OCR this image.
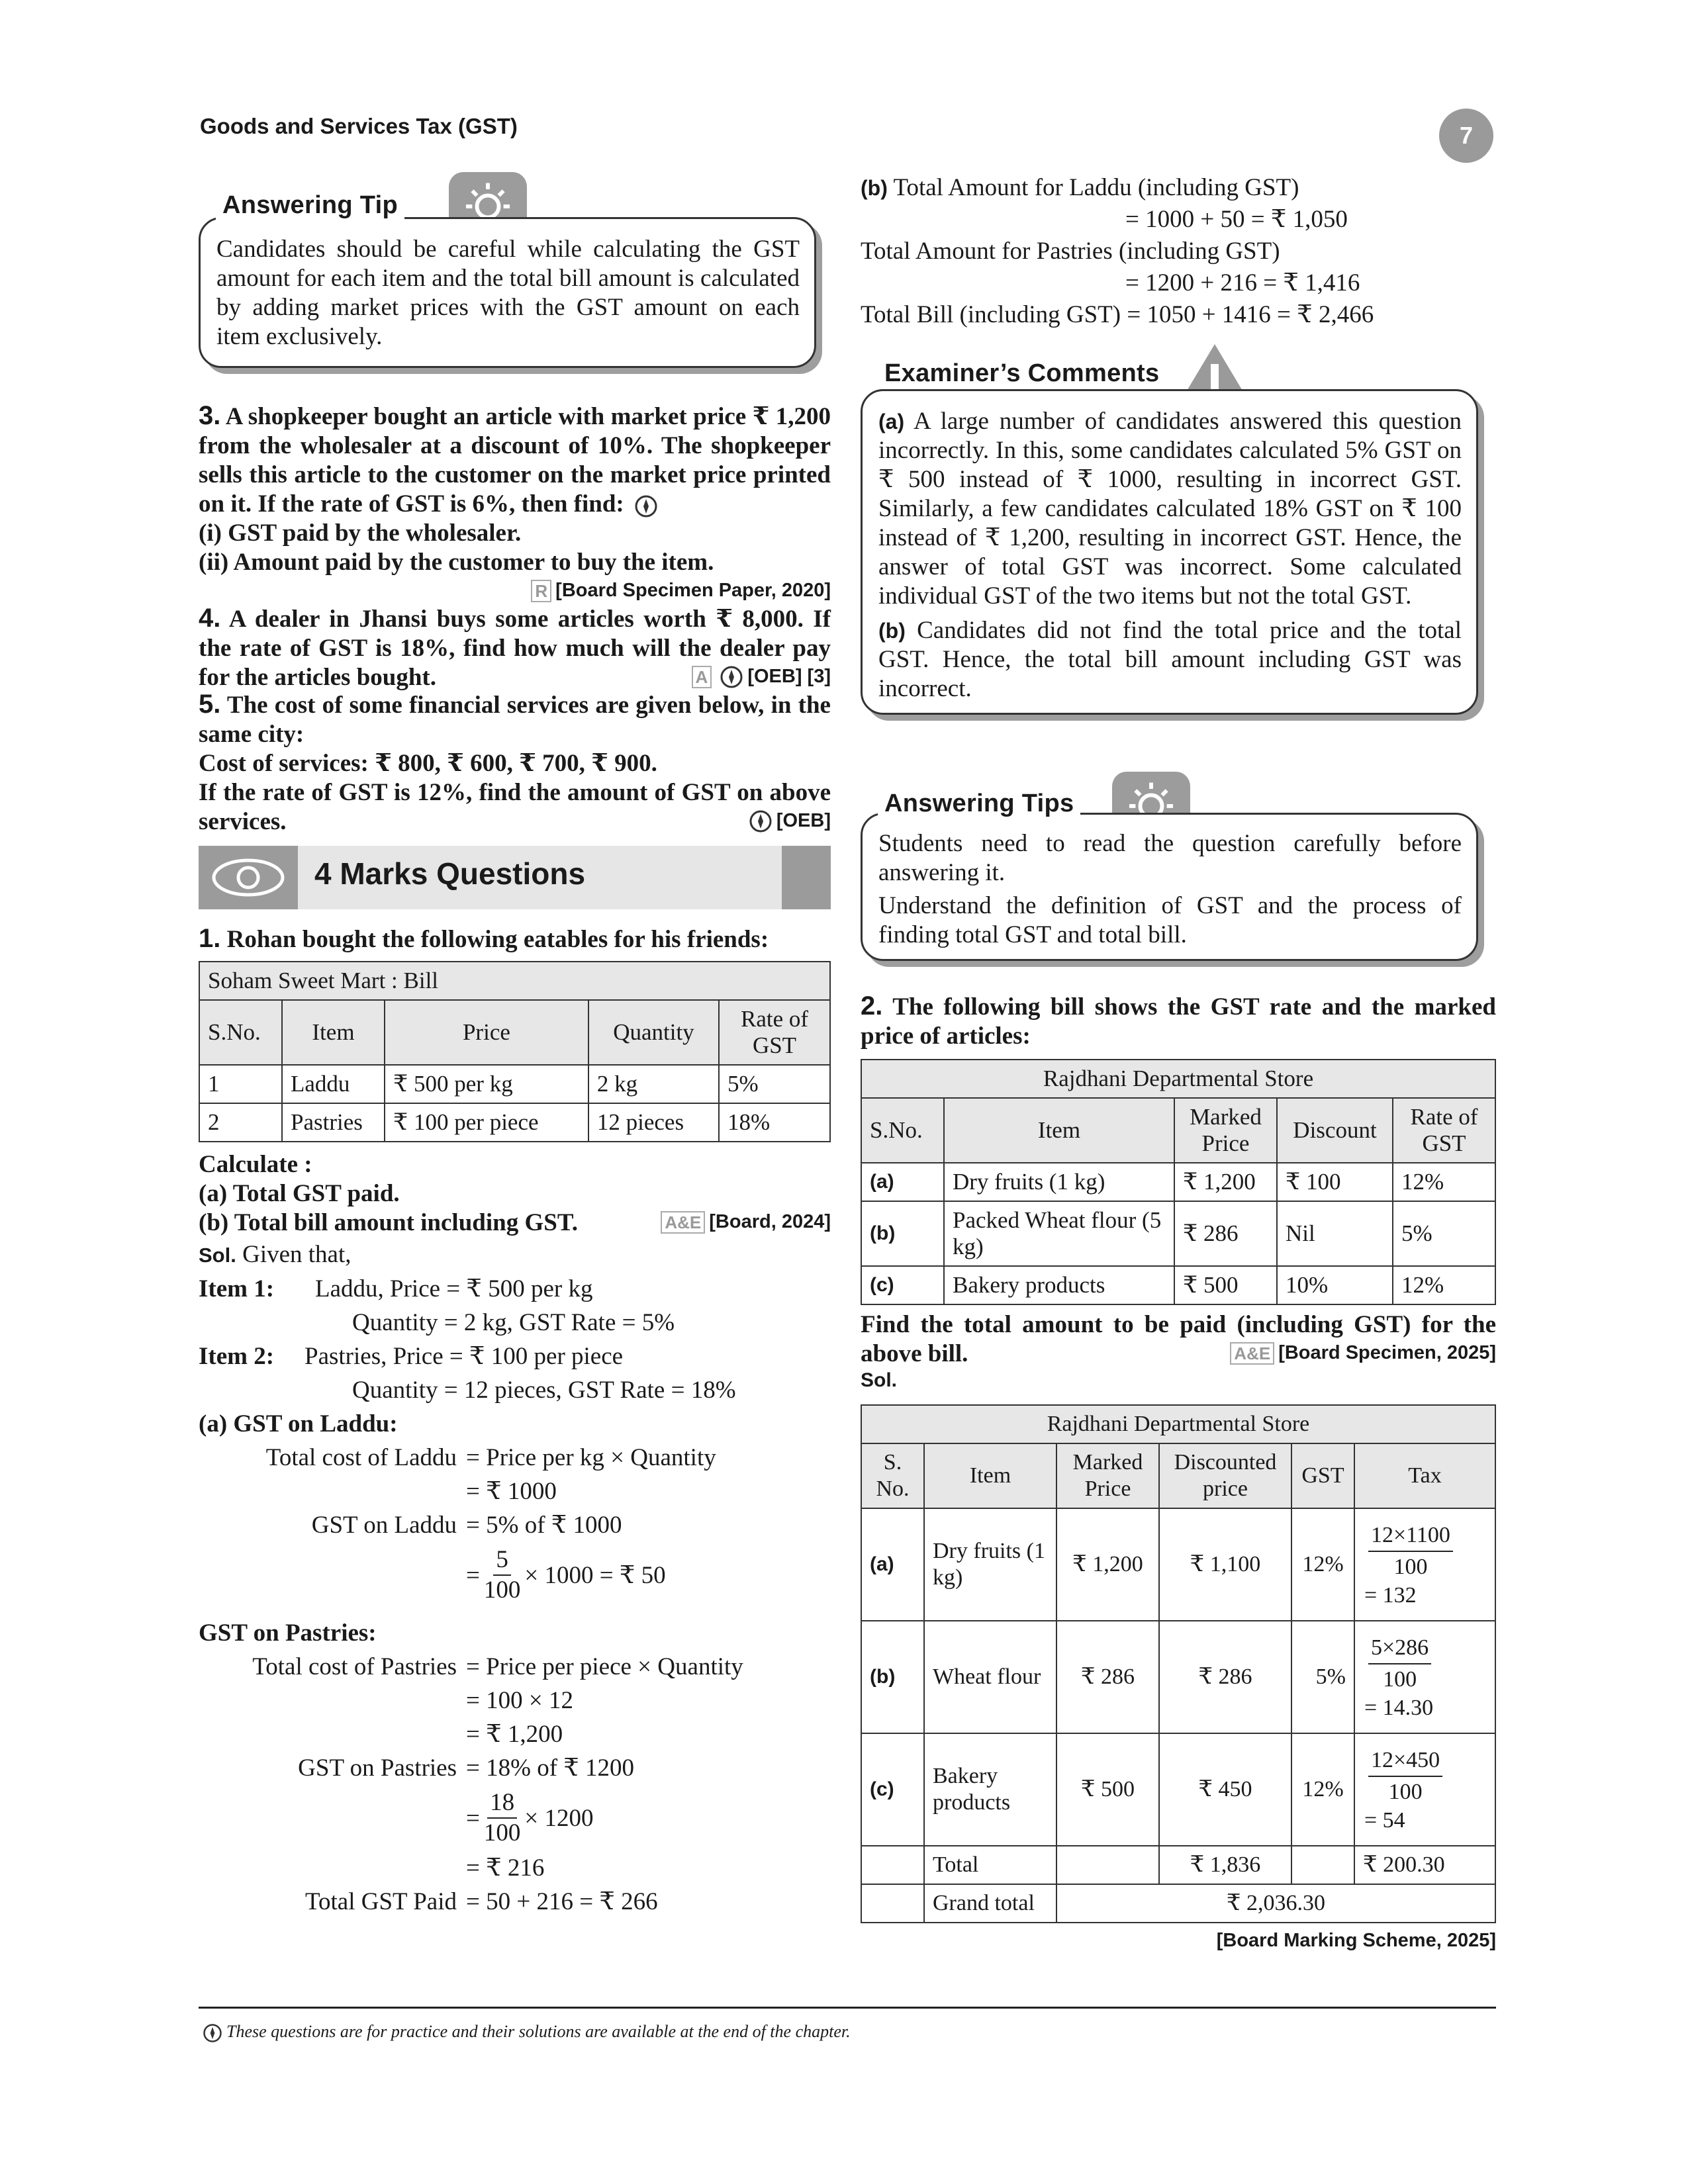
Goods and Services Tax (GST)	7
Candidates should be careful while calculating the GST amount for each item and the total bill amount is calculated by adding market prices with the GST amount on each item exclusively.
Answering Tip

3. A shopkeeper bought an article with market price ₹ 1,200 from the wholesaler at a discount of 10%. The shopkeeper sells this article to the customer on the market price printed on it. If the rate of GST is 6%, then find:

(i) GST paid by the wholesaler.

(ii) Amount paid by the customer to buy the item.

R [Board Specimen Paper, 2020]

4. A dealer in Jhansi buys some articles worth ₹ 8,000. If the rate of GST is 18%, find how much will the dealer pay for the articles bought.	A [OEB] [3]

5. The cost of some financial services are given below, in the same city:

Cost of services: ₹ 800, ₹ 600, ₹ 700, ₹ 900.

If the rate of GST is 12%, find the amount of GST on above services.	[OEB]

4 Marks Questions

1. Rohan bought the following eatables for his friends:

Soham Sweet Mart : Bill				
S.No.	Item	Price	Quantity	Rate of GST
1	Laddu	₹ 500 per kg	2 kg	5%
2	Pastries	₹ 100 per piece	12 pieces	18%

Calculate :

(a) Total GST paid.

(b) Total bill amount including GST.	A&E [Board, 2024]

Sol. Given that,

Item 1:	Laddu, Price = ₹ 500 per kg
Quantity = 2 kg, GST Rate = 5%
Item 2:	Pastries, Price = ₹ 100 per piece
Quantity = 12 pieces, GST Rate = 18%

(a) GST on Laddu:

Total cost of Laddu = Price per kg × Quantity
= ₹ 1000
GST on Laddu = 5% of ₹ 1000
= $\frac{5}{100} \times 1000$ = ₹ 50

GST on Pastries:

Total cost of Pastries = Price per piece × Quantity
= 100 × 12
= ₹ 1,200
GST on Pastries = 18% of ₹ 1200
= $\frac{18}{100} \times 1200$
= ₹ 216
Total GST Paid = 50 + 216 = ₹ 266

(b) Total Amount for Laddu (including GST)

= 1000 + 50 = ₹ 1,050

Total Amount for Pastries (including GST)

= 1200 + 216 = ₹ 1,416

Total Bill (including GST) = 1050 + 1416 = ₹ 2,466

(a) A large number of candidates answered this question incorrectly. In this, some candidates calculated 5% GST on ₹ 500 instead of ₹ 1000, resulting in incorrect GST. Similarly, a few candidates calculated 18% GST on ₹ 100 instead of ₹ 1,200, resulting in incorrect GST. Hence, the answer of total GST was incorrect. Some calculated individual GST of the two items but not the total GST.

(b) Candidates did not find the total price and the total GST. Hence, the total bill amount including GST was incorrect.

Examiner’s Comments

Students need to read the question carefully before answering it.

Understand the definition of GST and the process of finding total GST and total bill.

Answering Tips

2. The following bill shows the GST rate and the marked price of articles:

Rajdhani Departmental Store				
S.No.	Item	Marked Price	Discount	Rate of GST
(a)	Dry fruits (1 kg)	₹ 1,200	₹ 100	12%
(b)	Packed Wheat flour (5 kg)	₹ 286	Nil	5%
(c)	Bakery products	₹ 500	10%	12%

Find the total amount to be paid (including GST) for the above bill.	A&E [Board Specimen, 2025]

Sol.

Rajdhani Departmental Store					
S. No.	Item	Marked Price	Discounted price	GST	Tax
(a)	Dry fruits (1 kg)	₹ 1,200	₹ 1,100	12%	$\frac{12\times 1100}{100}$

= 132
(b)	Wheat flour	₹ 286	₹ 286	5%	$\frac{5\times 286}{100}$

= 14.30
(c)	Bakery products	₹ 500	₹ 450	12%	$\frac{12\times 450}{100}$

= 54
	Total		₹ 1,836		₹ 200.30
	Grand total	₹ 2,036.30			

[Board Marking Scheme, 2025]

These questions are for practice and their solutions are available at the end of the chapter.
